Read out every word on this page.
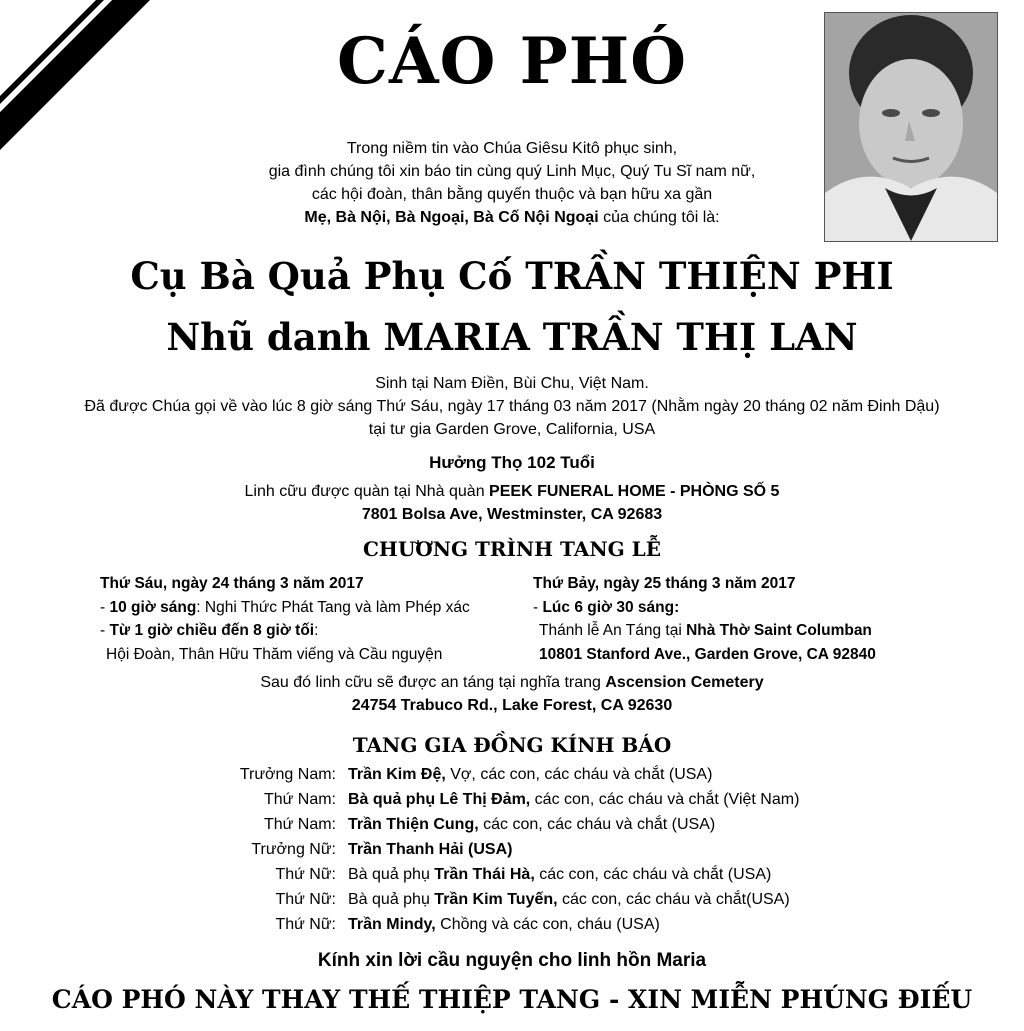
CÁO PHÓ
Trong niềm tin vào Chúa Giêsu Kitô phục sinh,
gia đình chúng tôi xin báo tin cùng quý Linh Mục, Quý Tu Sĩ nam nữ,
các hội đoàn, thân bằng quyến thuộc và bạn hữu xa gần
Mẹ, Bà Nội, Bà Ngoại, Bà Cố Nội Ngoại của chúng tôi là:
Cụ Bà Quả Phụ Cố TRẦN THIỆN PHI
Nhũ danh MARIA TRẦN THỊ LAN
Sinh tại Nam Điền, Bùi Chu, Việt Nam.
Đã được Chúa gọi về vào lúc 8 giờ sáng Thứ Sáu, ngày 17 tháng 03 năm 2017 (Nhằm ngày 20 tháng 02 năm Đinh Dậu)
tại tư gia Garden Grove, California, USA
Hưởng Thọ 102 Tuổi
Linh cữu được quàn tại Nhà quàn PEEK FUNERAL HOME - PHÒNG SỐ 5
7801 Bolsa Ave, Westminster, CA 92683
CHƯƠNG TRÌNH TANG LỄ
Thứ Sáu, ngày 24 tháng 3 năm 2017
- 10 giờ sáng: Nghi Thức Phát Tang và làm Phép xác
- Từ 1 giờ chiều đến 8 giờ tối:
Hội Đoàn, Thân Hữu Thăm viếng và Cầu nguyện
Thứ Bảy, ngày 25 tháng 3 năm 2017
- Lúc 6 giờ 30 sáng:
Thánh lễ An Táng tại Nhà Thờ Saint Columban
10801 Stanford Ave., Garden Grove, CA 92840
Sau đó linh cữu sẽ được an táng tại nghĩa trang Ascension Cemetery
24754 Trabuco Rd., Lake Forest, CA 92630
TANG GIA ĐỒNG KÍNH BÁO
Trưởng Nam: Trần Kim Đệ, Vợ, các con, các cháu và chắt (USA)
Thứ Nam: Bà quả phụ Lê Thị Đảm, các con, các cháu và chắt (Việt Nam)
Thứ Nam: Trần Thiện Cung, các con, các cháu và chắt (USA)
Trưởng Nữ: Trần Thanh Hải (USA)
Thứ Nữ: Bà quả phụ Trần Thái Hà, các con, các cháu và chắt (USA)
Thứ Nữ: Bà quả phụ Trần Kim Tuyến, các con, các cháu và chắt(USA)
Thứ Nữ: Trần Mindy, Chồng và các con, cháu (USA)
Kính xin lời cầu nguyện cho linh hồn Maria
CÁO PHÓ NÀY THAY THẾ THIỆP TANG - XIN MIỄN PHÚNG ĐIẾU
